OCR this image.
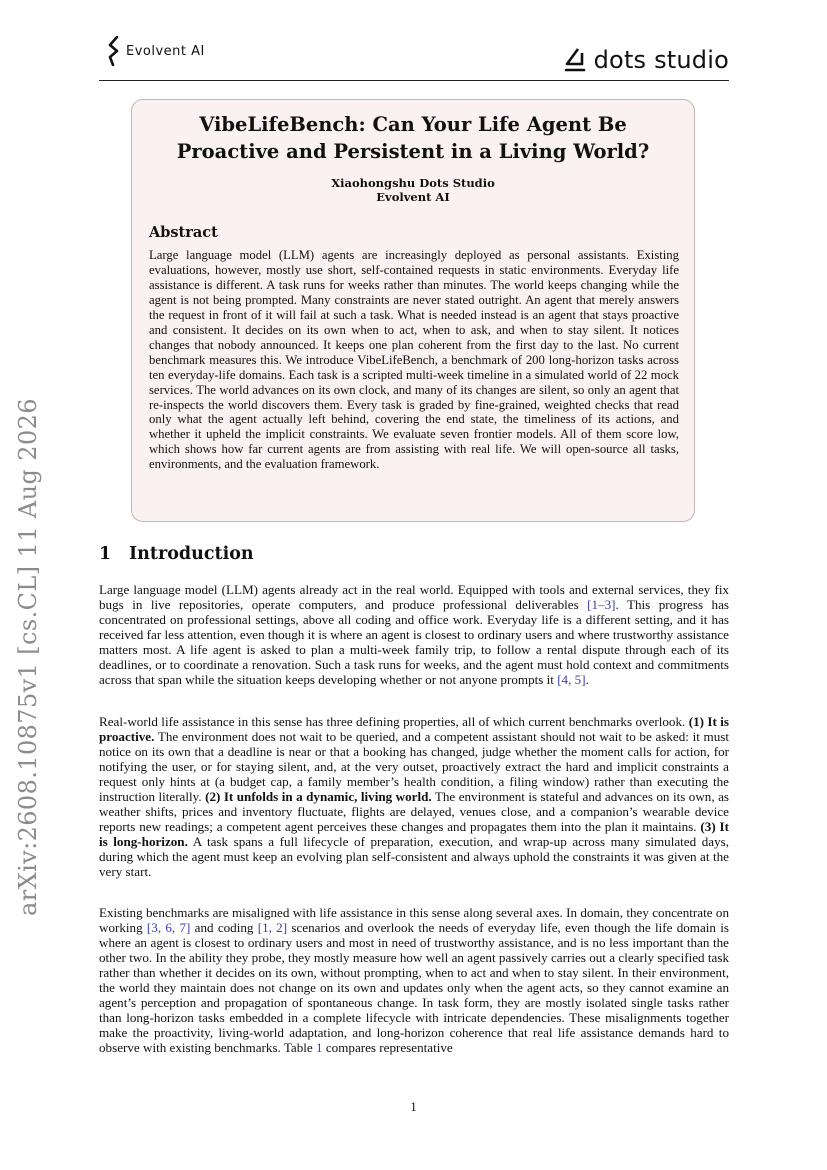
Evolvent AI	dots studio
arXiv:2608.10875v1 [cs.CL] 11 Aug 2026
VibeLifeBench: Can Your Life Agent Be Proactive and Persistent in a Living World?
Xiaohongshu Dots Studio
Evolvent AI
Abstract

Large language model (LLM) agents are increasingly deployed as personal assistants. Existing evaluations, however, mostly use short, self-contained requests in static environments. Everyday life assistance is different. A task runs for weeks rather than minutes. The world keeps changing while the agent is not being prompted. Many constraints are never stated outright. An agent that merely answers the request in front of it will fail at such a task. What is needed instead is an agent that stays proactive and consistent. It decides on its own when to act, when to ask, and when to stay silent. It notices changes that nobody announced. It keeps one plan coherent from the first day to the last. No current benchmark measures this. We introduce VibeLifeBench, a benchmark of 200 long-horizon tasks across ten everyday-life domains. Each task is a scripted multi-week timeline in a simulated world of 22 mock services. The world advances on its own clock, and many of its changes are silent, so only an agent that re-inspects the world discovers them. Every task is graded by fine-grained, weighted checks that read only what the agent actually left behind, covering the end state, the timeliness of its actions, and whether it upheld the implicit constraints. We evaluate seven frontier models. All of them score low, which shows how far current agents are from assisting with real life. We will open-source all tasks, environments, and the evaluation framework.

1 Introduction

Large language model (LLM) agents already act in the real world. Equipped with tools and external services, they fix bugs in live repositories, operate computers, and produce professional deliverables [1–3]. This progress has concentrated on professional settings, above all coding and office work. Everyday life is a different setting, and it has received far less attention, even though it is where an agent is closest to ordinary users and where trustworthy assistance matters most. A life agent is asked to plan a multi-week family trip, to follow a rental dispute through each of its deadlines, or to coordinate a renovation. Such a task runs for weeks, and the agent must hold context and commitments across that span while the situation keeps developing whether or not anyone prompts it [4, 5].

Real-world life assistance in this sense has three defining properties, all of which current benchmarks overlook. (1) It is proactive. The environment does not wait to be queried, and a competent assistant should not wait to be asked: it must notice on its own that a deadline is near or that a booking has changed, judge whether the moment calls for action, for notifying the user, or for staying silent, and, at the very outset, proactively extract the hard and implicit constraints a request only hints at (a budget cap, a family member’s health condition, a filing window) rather than executing the instruction literally. (2) It unfolds in a dynamic, living world. The environment is stateful and advances on its own, as weather shifts, prices and inventory fluctuate, flights are delayed, venues close, and a companion’s wearable device reports new readings; a competent agent perceives these changes and propagates them into the plan it maintains. (3) It is long-horizon. A task spans a full lifecycle of preparation, execution, and wrap-up across many simulated days, during which the agent must keep an evolving plan self-consistent and always uphold the constraints it was given at the very start.

Existing benchmarks are misaligned with life assistance in this sense along several axes. In domain, they concentrate on working [3, 6, 7] and coding [1, 2] scenarios and overlook the needs of everyday life, even though the life domain is where an agent is closest to ordinary users and most in need of trustworthy assistance, and is no less important than the other two. In the ability they probe, they mostly measure how well an agent passively carries out a clearly specified task rather than whether it decides on its own, without prompting, when to act and when to stay silent. In their environment, the world they maintain does not change on its own and updates only when the agent acts, so they cannot examine an agent’s perception and propagation of spontaneous change. In task form, they are mostly isolated single tasks rather than long-horizon tasks embedded in a complete lifecycle with intricate dependencies. These misalignments together make the proactivity, living-world adaptation, and long-horizon coherence that real life assistance demands hard to observe with existing benchmarks. Table 1 compares representative

1
